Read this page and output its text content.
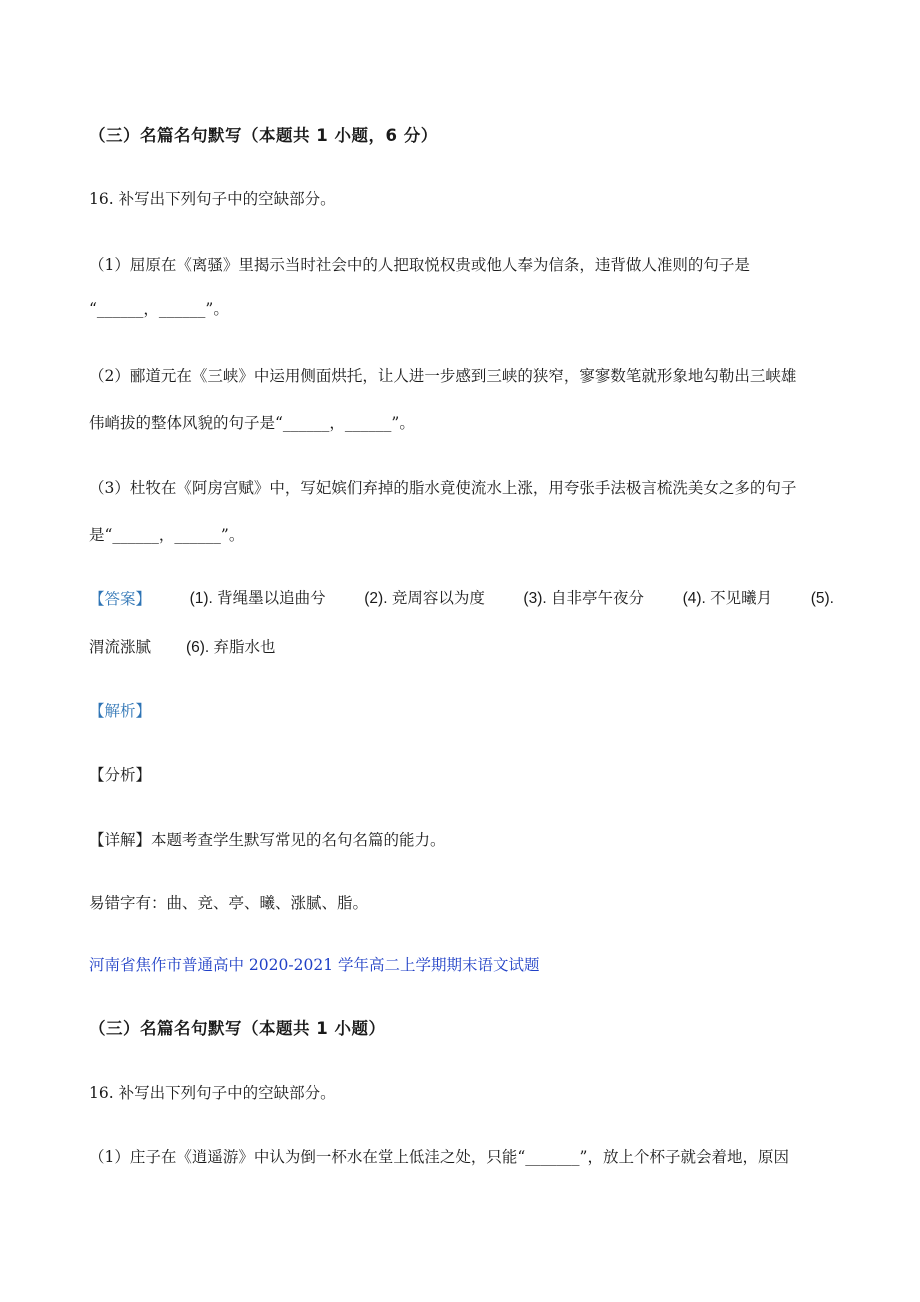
（三）名篇名句默写（本题共 1 小题，6 分）
16. 补写出下列句子中的空缺部分。
（1）屈原在《离骚》里揭示当时社会中的人把取悦权贵或他人奉为信条，违背做人准则的句子是
“______，______”。
（2）郦道元在《三峡》中运用侧面烘托，让人进一步感到三峡的狭窄，寥寥数笔就形象地勾勒出三峡雄
伟峭拔的整体风貌的句子是“______，______”。
（3）杜牧在《阿房宫赋》中，写妃嫔们弃掉的脂水竟使流水上涨，用夸张手法极言梳洗美女之多的句子
是“______，______”。
【答案】 (1). 背绳墨以追曲兮 (2). 竞周容以为度 (3). 自非亭午夜分 (4). 不见曦月 (5).
渭流涨腻 (6). 弃脂水也
【解析】
【分析】
【详解】本题考查学生默写常见的名句名篇的能力。
易错字有：曲、竞、亭、曦、涨腻、脂。
河南省焦作市普通高中 2020-2021 学年高二上学期期末语文试题
（三）名篇名句默写（本题共 1 小题）
16. 补写出下列句子中的空缺部分。
（1）庄子在《逍遥游》中认为倒一杯水在堂上低洼之处，只能“_______”，放上个杯子就会着地，原因
